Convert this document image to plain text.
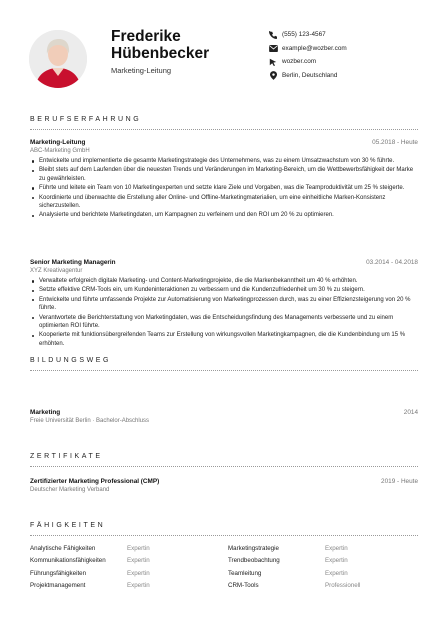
Frederike
Hübenbecker
Marketing-Leitung
(555) 123-4567
example@wozber.com
wozber.com
Berlin, Deutschland
BERUFSERFAHRUNG
Marketing-Leitung	05.2018 - Heute
ABC-Marketing GmbH
Entwickelte und implementierte die gesamte Marketingstrategie des Unternehmens, was zu einem Umsatzwachstum von 30 % führte.
Bleibt stets auf dem Laufenden über die neuesten Trends und Veränderungen im Marketing-Bereich, um die Wettbewerbsfähigkeit der Marke zu gewährleisten.
Führte und leitete ein Team von 10 Marketingexperten und setzte klare Ziele und Vorgaben, was die Teamproduktivität um 25 % steigerte.
Koordinierte und überwachte die Erstellung aller Online- und Offline-Marketingmaterialien, um eine einheitliche Marken-Konsistenz sicherzustellen.
Analysierte und berichtete Marketingdaten, um Kampagnen zu verfeinern und den ROI um 20 % zu optimieren.
Senior Marketing Managerin	03.2014 - 04.2018
XYZ Kreativagentur
Verwaltete erfolgreich digitale Marketing- und Content-Marketingprojekte, die die Markenbekanntheit um 40 % erhöhten.
Setzte effektive CRM-Tools ein, um Kundeninteraktionen zu verbessern und die Kundenzufriedenheit um 30 % zu steigern.
Entwickelte und führte umfassende Projekte zur Automatisierung von Marketingprozessen durch, was zu einer Effizienzsteigerung von 20 % führte.
Verantwortete die Berichterstattung von Marketingdaten, was die Entscheidungsfindung des Managements verbesserte und zu einem optimierten ROI führte.
Kooperierte mit funktionsübergreifenden Teams zur Erstellung von wirkungsvollen Marketingkampagnen, die die Kundenbindung um 15 % erhöhten.
BILDUNGSWEG
Marketing	2014
Freie Universität Berlin · Bachelor-Abschluss
ZERTIFIKATE
Zertifizierter Marketing Professional (CMP)	2019 - Heute
Deutscher Marketing Verband
FÄHIGKEITEN
Analytische Fähigkeiten	Expertin	Marketingstrategie	Expertin
Kommunikationsfähigkeiten	Expertin	Trendbeobachtung	Expertin
Führungsfähigkeiten	Expertin	Teamleitung	Expertin
Projektmanagement	Expertin	CRM-Tools	Professionell
